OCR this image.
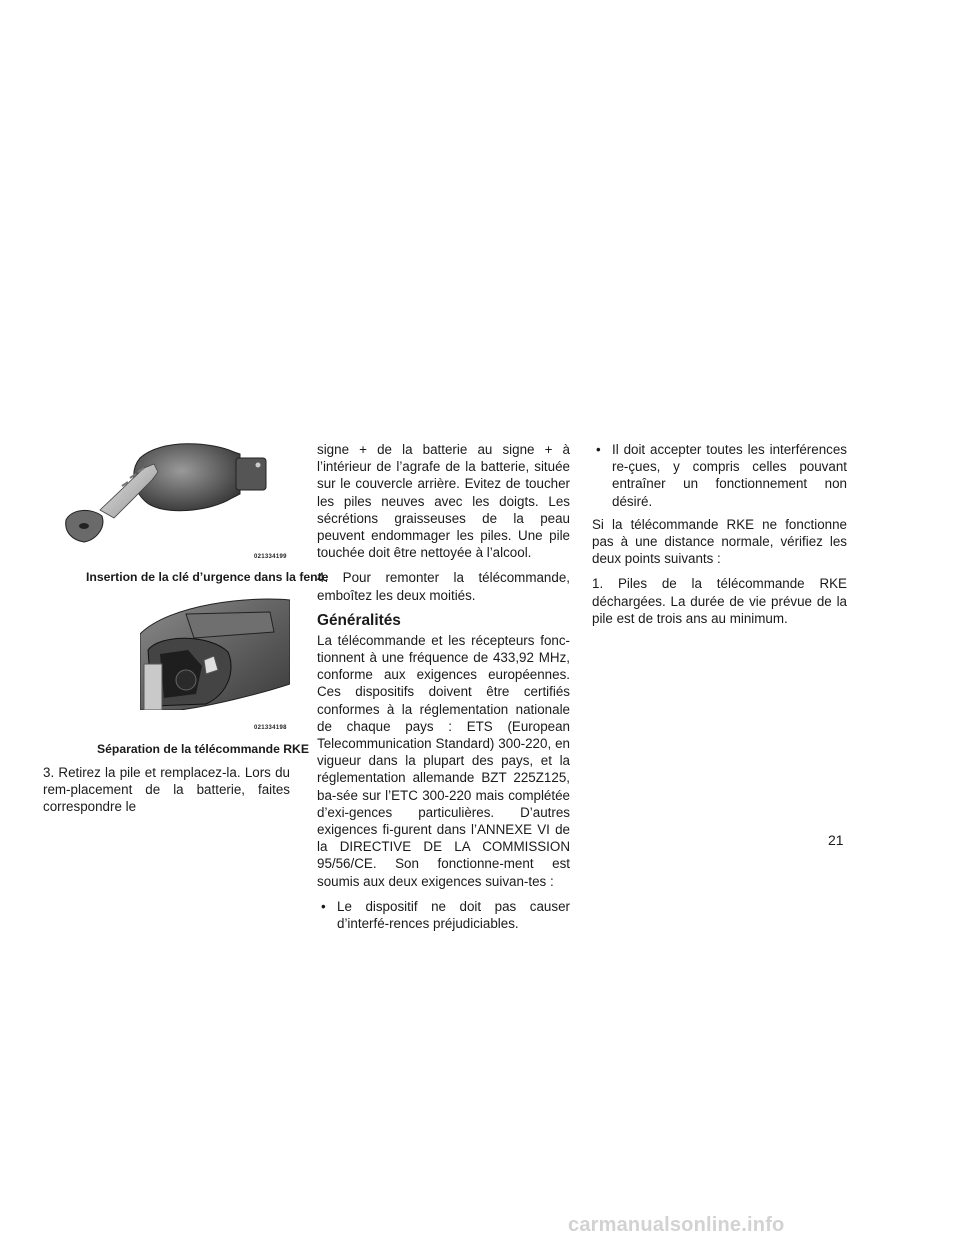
021334199
Insertion de la clé d’urgence dans la fente
021334198
Séparation de la télécommande RKE

3. Retirez la pile et remplacez-la. Lors du rem-placement de la batterie, faites correspondre le

signe + de la batterie au signe + à l’intérieur de l’agrafe de la batterie, située sur le couvercle arrière. Evitez de toucher les piles neuves avec les doigts. Les sécrétions graisseuses de la peau peuvent endommager les piles. Une pile touchée doit être nettoyée à l’alcool.

4. Pour remonter la télécommande, emboîtez les deux moitiés.

Généralités

La télécommande et les récepteurs fonc-tionnent à une fréquence de 433,92 MHz, conforme aux exigences européennes. Ces dispositifs doivent être certifiés conformes à la réglementation nationale de chaque pays : ETS (European Telecommunication Standard) 300-220, en vigueur dans la plupart des pays, et la réglementation allemande BZT 225Z125, ba-sée sur l’ETC 300-220 mais complétée d’exi-gences particulières. D’autres exigences fi-gurent dans l’ANNEXE VI de la DIRECTIVE DE LA COMMISSION 95/56/CE. Son fonctionne-ment est soumis aux deux exigences suivan-tes :

• Le dispositif ne doit pas causer d’interfé-rences préjudiciables.
• Il doit accepter toutes les interférences re-çues, y compris celles pouvant entraîner un fonctionnement non désiré.

Si la télécommande RKE ne fonctionne pas à une distance normale, vérifiez les deux points suivants :

1. Piles de la télécommande RKE déchargées. La durée de vie prévue de la pile est de trois ans au minimum.

21
carmanualsonline.info
